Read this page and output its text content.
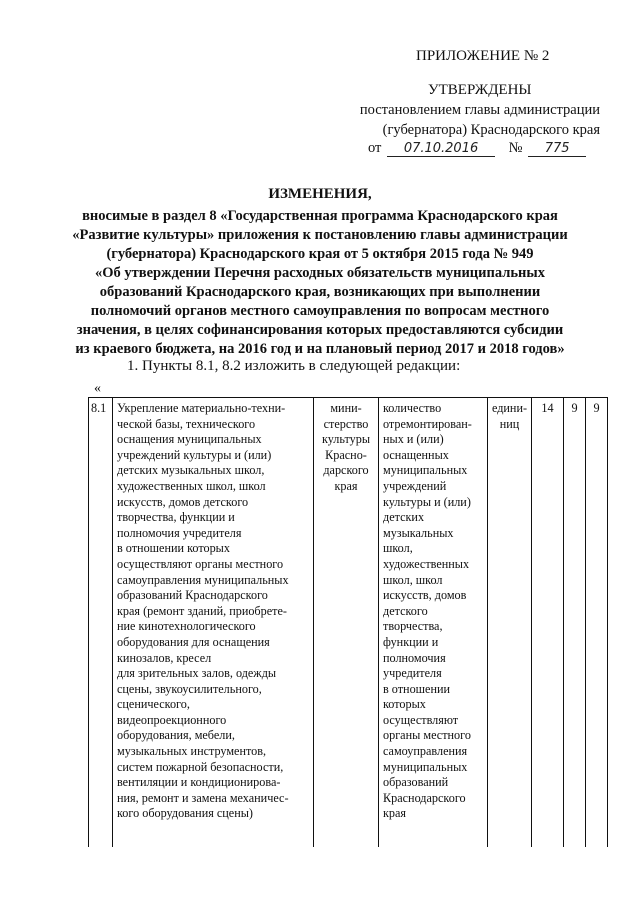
ПРИЛОЖЕНИЕ № 2
УТВЕРЖДЕНЫ
постановлением главы администрации
(губернатора) Краснодарского края
от 07.10.2016 № 775
ИЗМЕНЕНИЯ,
вносимые в раздел 8 «Государственная программа Краснодарского края
«Развитие культуры» приложения к постановлению главы администрации
(губернатора) Краснодарского края от 5 октября 2015 года № 949
«Об утверждении Перечня расходных обязательств муниципальных
образований Краснодарского края, возникающих при выполнении
полномочий органов местного самоуправления по вопросам местного
значения, в целях софинансирования которых предоставляются субсидии
из краевого бюджета, на 2016 год и на плановый период 2017 и 2018 годов»
1. Пункты 8.1, 8.2 изложить в следующей редакции:
«
8.1 Укрепление материально-техни-
ческой базы, технического
оснащения муниципальных
учреждений культуры и (или)
детских музыкальных школ,
художественных школ, школ
искусств, домов детского
творчества, функции и
полномочия учредителя
в отношении которых
осуществляют органы местного
самоуправления муниципальных
образований Краснодарского
края (ремонт зданий, приобрете-
ние кинотехнологического
оборудования для оснащения
кинозалов, кресел
для зрительных залов, одежды
сцены, звукоусилительного,
сценического,
видеопроекционного
оборудования, мебели,
музыкальных инструментов,
систем пожарной безопасности,
вентиляции и кондиционирова-
ния, ремонт и замена механичес-
кого оборудования сцены)
мини-
стерство
культуры
Красно-
дарского
края
количество
отремонтирован-
ных и (или)
оснащенных
муниципальных
учреждений
культуры и (или)
детских
музыкальных
школ,
художественных
школ, школ
искусств, домов
детского
творчества,
функции и
полномочия
учредителя
в отношении
которых
осуществляют
органы местного
самоуправления
муниципальных
образований
Краснодарского
края
едини-
ниц
14	9	9
